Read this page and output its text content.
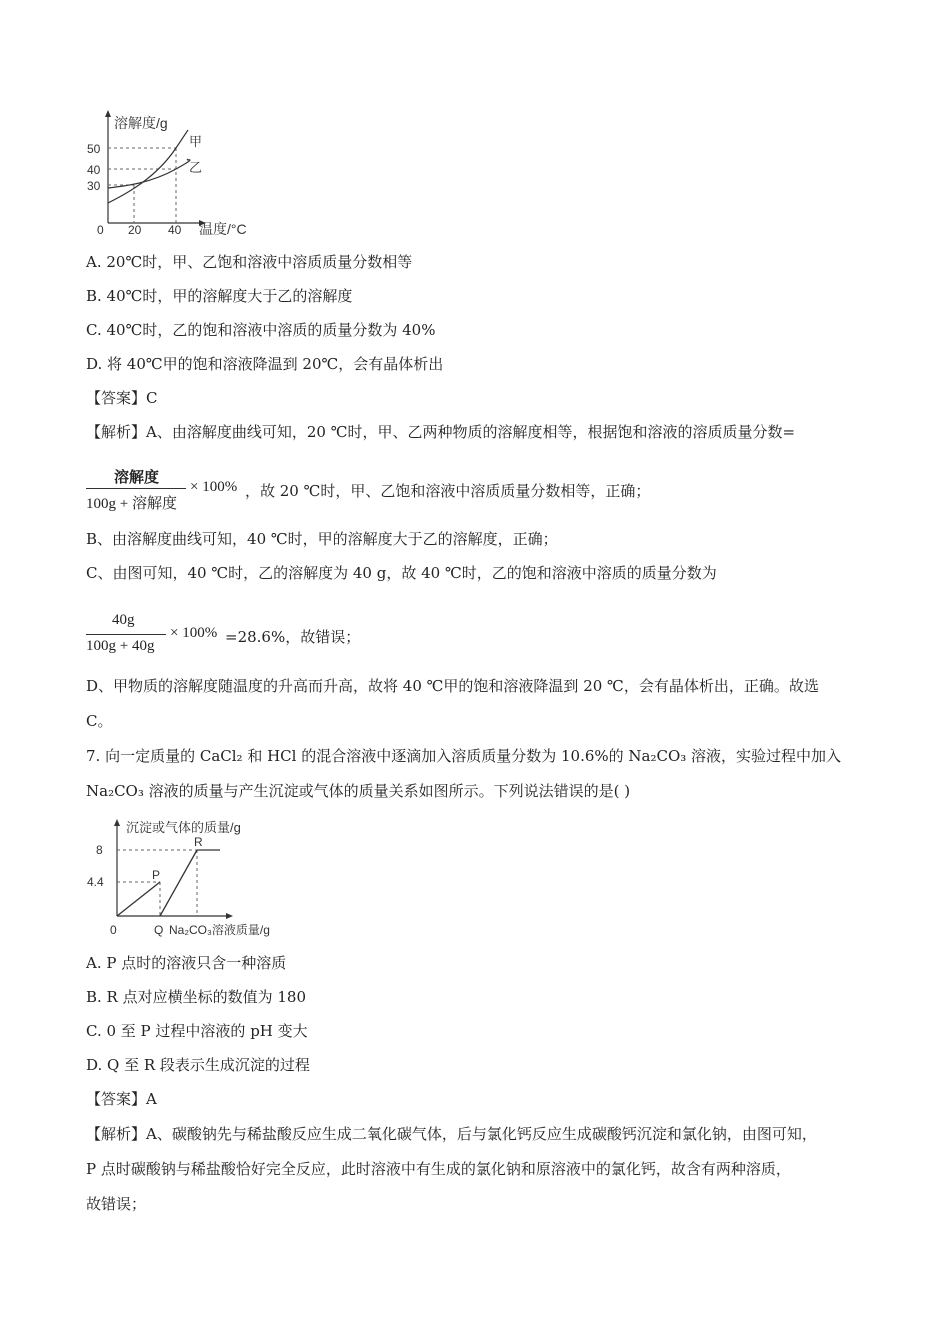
溶解度/g
50
40
30
0 20 40 温度/°C
甲
乙
A. 20℃时，甲、乙饱和溶液中溶质质量分数相等
B. 40℃时，甲的溶解度大于乙的溶解度
C. 40℃时，乙的饱和溶液中溶质的质量分数为 40%
D. 将 40℃甲的饱和溶液降温到 20℃，会有晶体析出
【答案】C
【解析】A、由溶解度曲线可知，20 ℃时，甲、乙两种物质的溶解度相等，根据饱和溶液的溶质质量分数=
溶解度
100g + 溶解度
× 100% ，故 20 ℃时，甲、乙饱和溶液中溶质质量分数相等，正确；
B、由溶解度曲线可知，40 ℃时，甲的溶解度大于乙的溶解度，正确；
C、由图可知，40 ℃时，乙的溶解度为 40 g，故 40 ℃时，乙的饱和溶液中溶质的质量分数为
40g
100g + 40g
× 100% =28.6%，故错误；
D、甲物质的溶解度随温度的升高而升高，故将 40 ℃甲的饱和溶液降温到 20 ℃，会有晶体析出，正确。故选
C。
7. 向一定质量的 CaCl₂ 和 HCl 的混合溶液中逐滴加入溶质质量分数为 10.6%的 Na₂CO₃ 溶液，实验过程中加入
Na₂CO₃ 溶液的质量与产生沉淀或气体的质量关系如图所示。下列说法错误的是( )
沉淀或气体的质量/g
8
4.4	P
R
0	Q Na₂CO₃溶液质量/g
A. P 点时的溶液只含一种溶质
B. R 点对应横坐标的数值为 180
C. 0 至 P 过程中溶液的 pH 变大
D. Q 至 R 段表示生成沉淀的过程
【答案】A
【解析】A、碳酸钠先与稀盐酸反应生成二氧化碳气体，后与氯化钙反应生成碳酸钙沉淀和氯化钠，由图可知，
P 点时碳酸钠与稀盐酸恰好完全反应，此时溶液中有生成的氯化钠和原溶液中的氯化钙，故含有两种溶质，
故错误；
